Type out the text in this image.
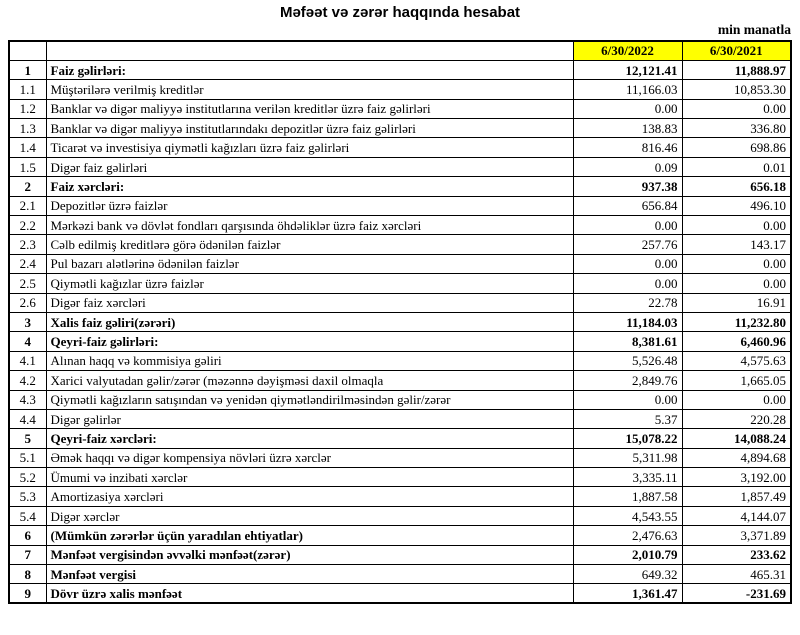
Məfəət və zərər haqqında hesabat
min manatla
		6/30/2022	6/30/2021
1	Faiz gəlirləri:	12,121.41	11,888.97
1.1	Müştərilərə verilmiş kreditlər	11,166.03	10,853.30
1.2	Banklar və digər maliyyə institutlarına verilən kreditlər üzrə faiz gəlirləri	0.00	0.00
1.3	Banklar və digər maliyyə institutlarındakı depozitlər üzrə faiz gəlirləri	138.83	336.80
1.4	Ticarət və investisiya qiymətli kağızları üzrə faiz gəlirləri	816.46	698.86
1.5	Digər faiz gəlirləri	0.09	0.01
2	Faiz xərcləri:	937.38	656.18
2.1	Depozitlər üzrə faizlər	656.84	496.10
2.2	Mərkəzi bank və dövlət fondları qarşısında öhdəliklər üzrə faiz xərcləri	0.00	0.00
2.3	Cəlb edilmiş kreditlərə görə ödənilən faizlər	257.76	143.17
2.4	Pul bazarı alətlərinə ödənilən faizlər	0.00	0.00
2.5	Qiymətli kağızlar üzrə faizlər	0.00	0.00
2.6	Digər faiz xərcləri	22.78	16.91
3	Xalis faiz gəliri(zərəri)	11,184.03	11,232.80
4	Qeyri-faiz gəlirləri:	8,381.61	6,460.96
4.1	Alınan haqq və kommisiya gəliri	5,526.48	4,575.63
4.2	Xarici valyutadan gəlir/zərər (məzənnə dəyişməsi daxil olmaqla	2,849.76	1,665.05
4.3	Qiymətli kağızların satışından və yenidən qiymətləndirilməsindən gəlir/zərər	0.00	0.00
4.4	Digər gəlirlər	5.37	220.28
5	Qeyri-faiz xərcləri:	15,078.22	14,088.24
5.1	Əmək haqqı və digər kompensiya növləri üzrə xərclər	5,311.98	4,894.68
5.2	Ümumi və inzibati xərclər	3,335.11	3,192.00
5.3	Amortizasiya xərcləri	1,887.58	1,857.49
5.4	Digər xərclər	4,543.55	4,144.07
6	(Mümkün zərərlər üçün yaradılan ehtiyatlar)	2,476.63	3,371.89
7	Mənfəət vergisindən əvvəlki mənfəət(zərər)	2,010.79	233.62
8	Mənfəət vergisi	649.32	465.31
9	Dövr üzrə xalis mənfəət	1,361.47	-231.69
